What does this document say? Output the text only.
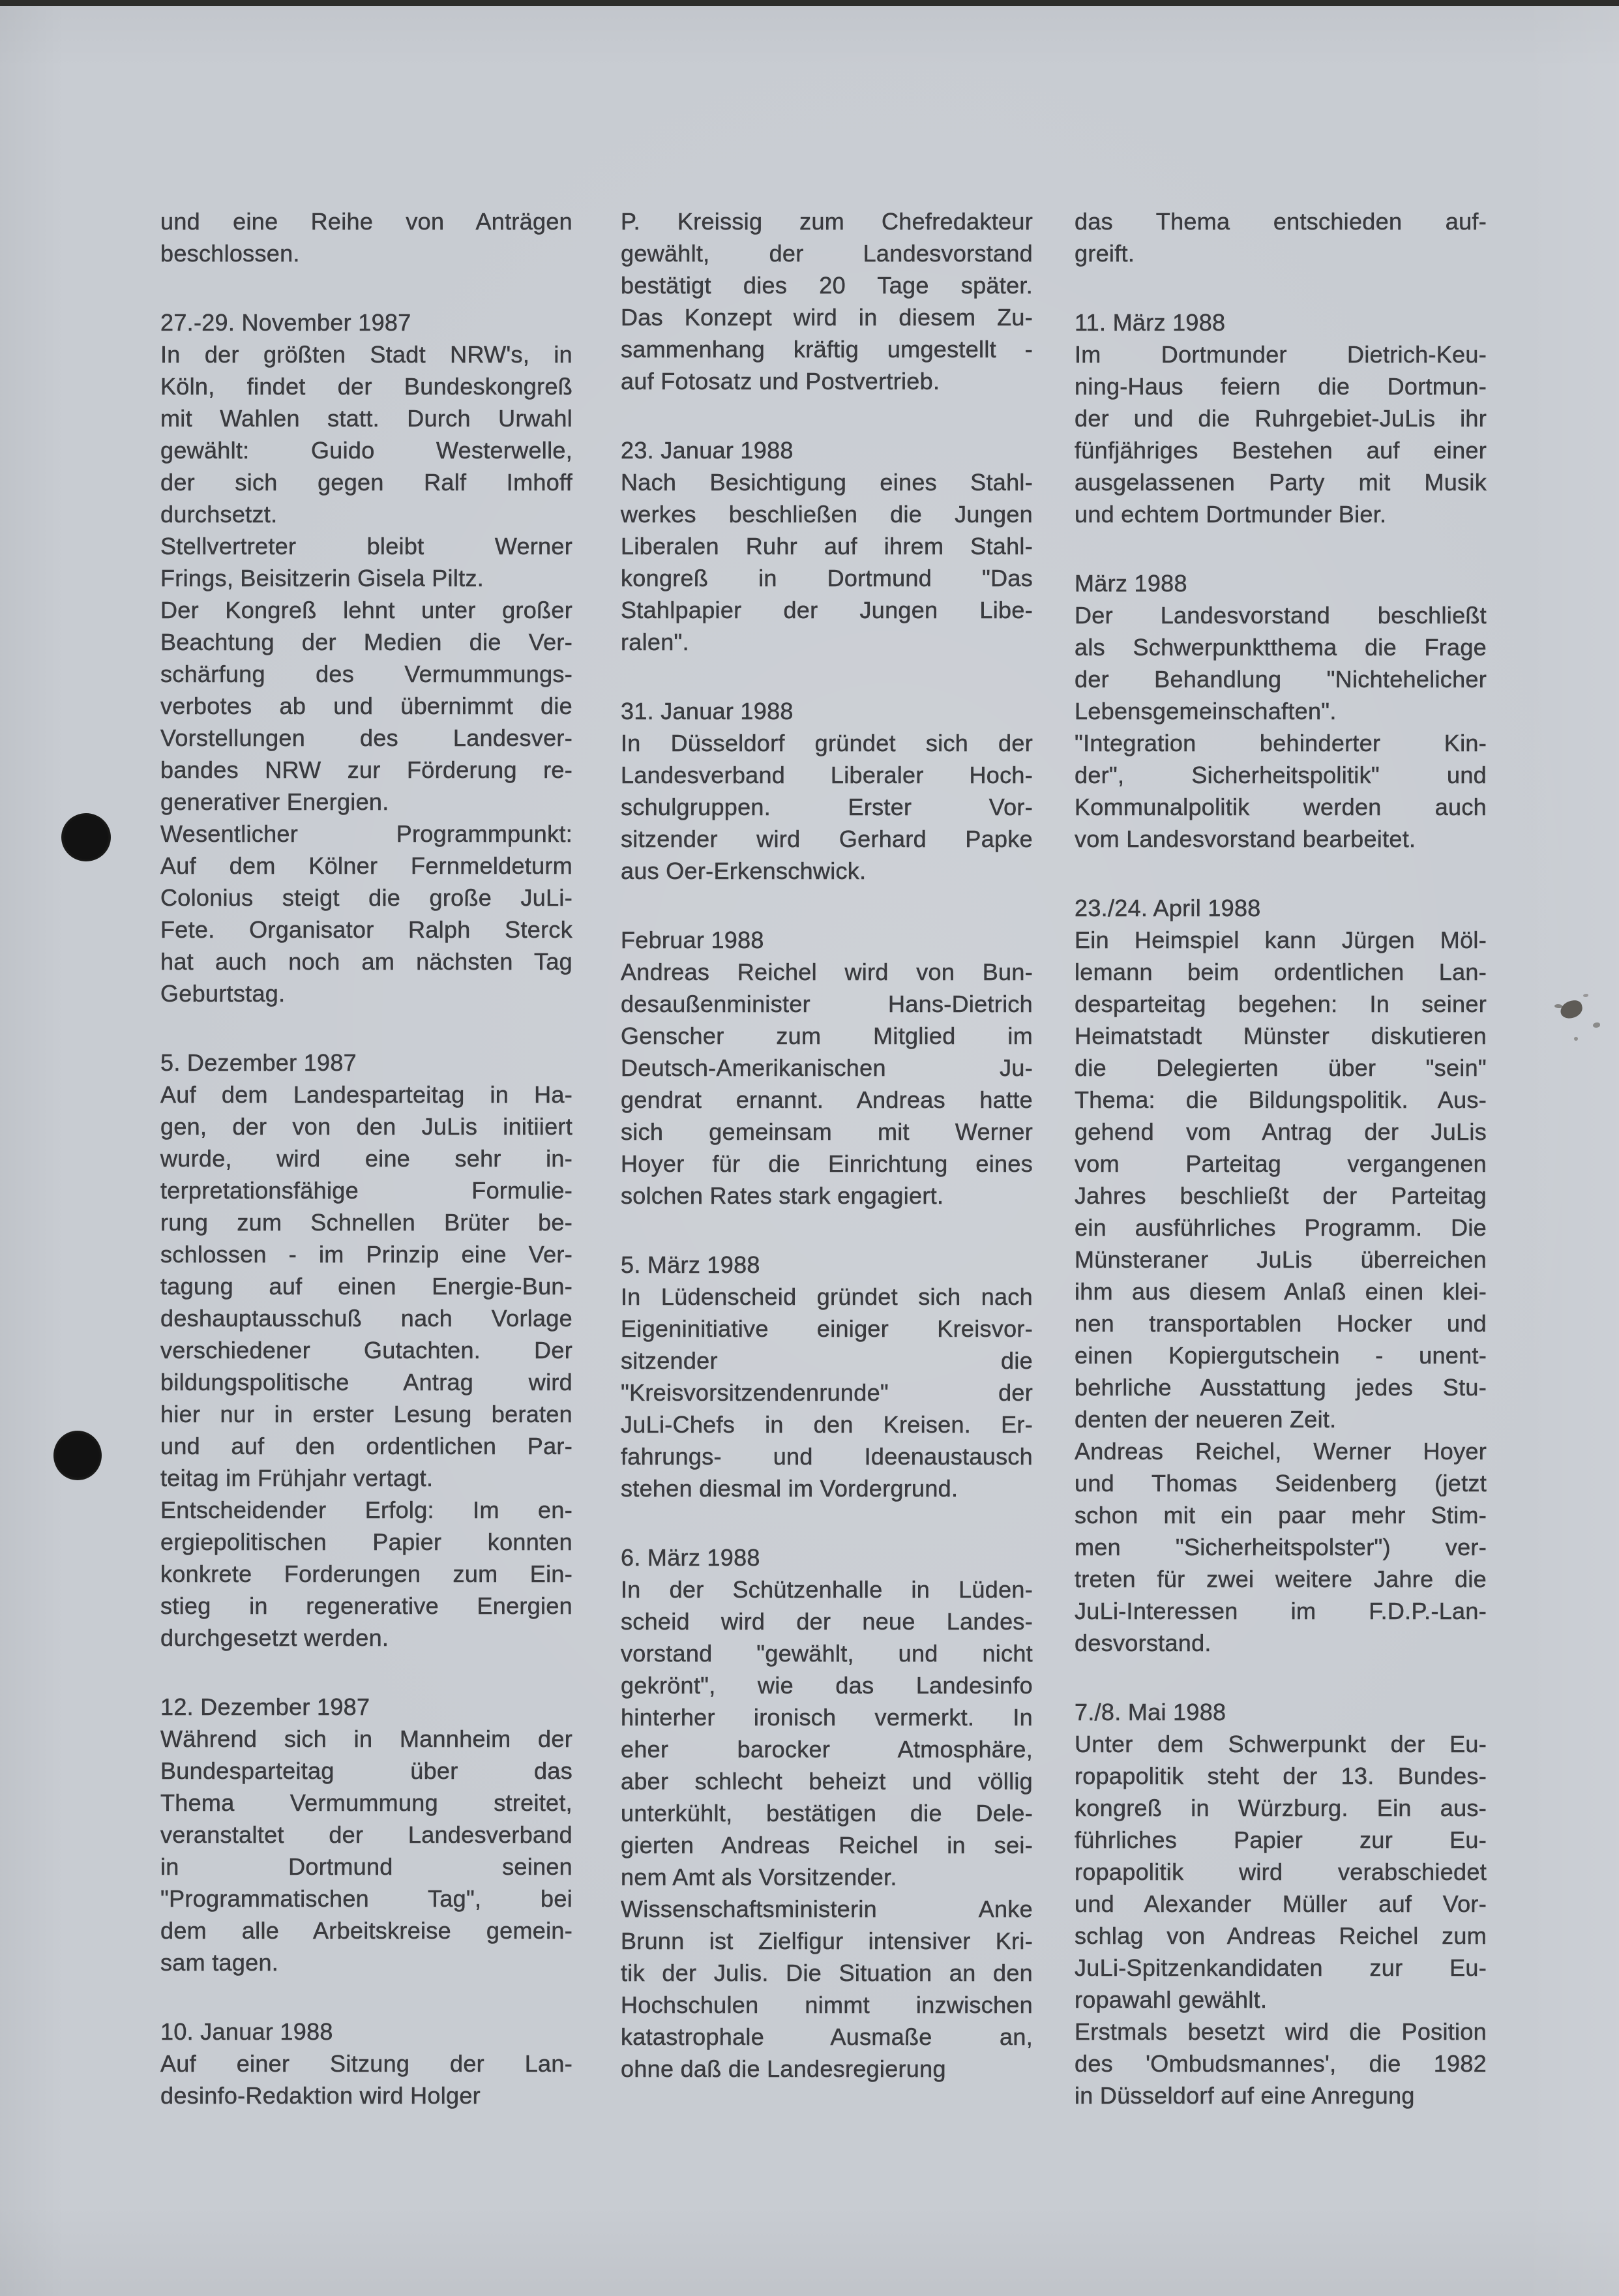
und eine Reihe von Anträgen
beschlossen.
27.-29. November 1987
In der größten Stadt NRW's, in
Köln, findet der Bundeskongreß
mit Wahlen statt. Durch Urwahl
gewählt: Guido Westerwelle,
der sich gegen Ralf Imhoff
durchsetzt.
Stellvertreter bleibt Werner
Frings, Beisitzerin Gisela Piltz.
Der Kongreß lehnt unter großer
Beachtung der Medien die Ver-
schärfung des Vermummungs-
verbotes ab und übernimmt die
Vorstellungen des Landesver-
bandes NRW zur Förderung re-
generativer Energien.
Wesentlicher Programmpunkt:
Auf dem Kölner Fernmeldeturm
Colonius steigt die große JuLi-
Fete. Organisator Ralph Sterck
hat auch noch am nächsten Tag
Geburtstag.
5. Dezember 1987
Auf dem Landesparteitag in Ha-
gen, der von den JuLis initiiert
wurde, wird eine sehr in-
terpretationsfähige Formulie-
rung zum Schnellen Brüter be-
schlossen - im Prinzip eine Ver-
tagung auf einen Energie-Bun-
deshauptausschuß nach Vorlage
verschiedener Gutachten. Der
bildungspolitische Antrag wird
hier nur in erster Lesung beraten
und auf den ordentlichen Par-
teitag im Frühjahr vertagt.
Entscheidender Erfolg: Im en-
ergiepolitischen Papier konnten
konkrete Forderungen zum Ein-
stieg in regenerative Energien
durchgesetzt werden.
12. Dezember 1987
Während sich in Mannheim der
Bundesparteitag über das
Thema Vermummung streitet,
veranstaltet der Landesverband
in Dortmund seinen
"Programmatischen Tag", bei
dem alle Arbeitskreise gemein-
sam tagen.
10. Januar 1988
Auf einer Sitzung der Lan-
desinfo-Redaktion wird Holger
P. Kreissig zum Chefredakteur
gewählt, der Landesvorstand
bestätigt dies 20 Tage später.
Das Konzept wird in diesem Zu-
sammenhang kräftig umgestellt -
auf Fotosatz und Postvertrieb.
23. Januar 1988
Nach Besichtigung eines Stahl-
werkes beschließen die Jungen
Liberalen Ruhr auf ihrem Stahl-
kongreß in Dortmund "Das
Stahlpapier der Jungen Libe-
ralen".
31. Januar 1988
In Düsseldorf gründet sich der
Landesverband Liberaler Hoch-
schulgruppen. Erster Vor-
sitzender wird Gerhard Papke
aus Oer-Erkenschwick.
Februar 1988
Andreas Reichel wird von Bun-
desaußenminister Hans-Dietrich
Genscher zum Mitglied im
Deutsch-Amerikanischen Ju-
gendrat ernannt. Andreas hatte
sich gemeinsam mit Werner
Hoyer für die Einrichtung eines
solchen Rates stark engagiert.
5. März 1988
In Lüdenscheid gründet sich nach
Eigeninitiative einiger Kreisvor-
sitzender die
"Kreisvorsitzendenrunde" der
JuLi-Chefs in den Kreisen. Er-
fahrungs- und Ideenaustausch
stehen diesmal im Vordergrund.
6. März 1988
In der Schützenhalle in Lüden-
scheid wird der neue Landes-
vorstand "gewählt, und nicht
gekrönt", wie das Landesinfo
hinterher ironisch vermerkt. In
eher barocker Atmosphäre,
aber schlecht beheizt und völlig
unterkühlt, bestätigen die Dele-
gierten Andreas Reichel in sei-
nem Amt als Vorsitzender.
Wissenschaftsministerin Anke
Brunn ist Zielfigur intensiver Kri-
tik der Julis. Die Situation an den
Hochschulen nimmt inzwischen
katastrophale Ausmaße an,
ohne daß die Landesregierung
das Thema entschieden auf-
greift.
11. März 1988
Im Dortmunder Dietrich-Keu-
ning-Haus feiern die Dortmun-
der und die Ruhrgebiet-JuLis ihr
fünfjähriges Bestehen auf einer
ausgelassenen Party mit Musik
und echtem Dortmunder Bier.
März 1988
Der Landesvorstand beschließt
als Schwerpunktthema die Frage
der Behandlung "Nichtehelicher
Lebensgemeinschaften".
"Integration behinderter Kin-
der", Sicherheitspolitik" und
Kommunalpolitik werden auch
vom Landesvorstand bearbeitet.
23./24. April 1988
Ein Heimspiel kann Jürgen Möl-
lemann beim ordentlichen Lan-
desparteitag begehen: In seiner
Heimatstadt Münster diskutieren
die Delegierten über "sein"
Thema: die Bildungspolitik. Aus-
gehend vom Antrag der JuLis
vom Parteitag vergangenen
Jahres beschließt der Parteitag
ein ausführliches Programm. Die
Münsteraner JuLis überreichen
ihm aus diesem Anlaß einen klei-
nen transportablen Hocker und
einen Kopiergutschein - unent-
behrliche Ausstattung jedes Stu-
denten der neueren Zeit.
Andreas Reichel, Werner Hoyer
und Thomas Seidenberg (jetzt
schon mit ein paar mehr Stim-
men "Sicherheitspolster") ver-
treten für zwei weitere Jahre die
JuLi-Interessen im F.D.P.-Lan-
desvorstand.
7./8. Mai 1988
Unter dem Schwerpunkt der Eu-
ropapolitik steht der 13. Bundes-
kongreß in Würzburg. Ein aus-
führliches Papier zur Eu-
ropapolitik wird verabschiedet
und Alexander Müller auf Vor-
schlag von Andreas Reichel zum
JuLi-Spitzenkandidaten zur Eu-
ropawahl gewählt.
Erstmals besetzt wird die Position
des 'Ombudsmannes', die 1982
in Düsseldorf auf eine Anregung
